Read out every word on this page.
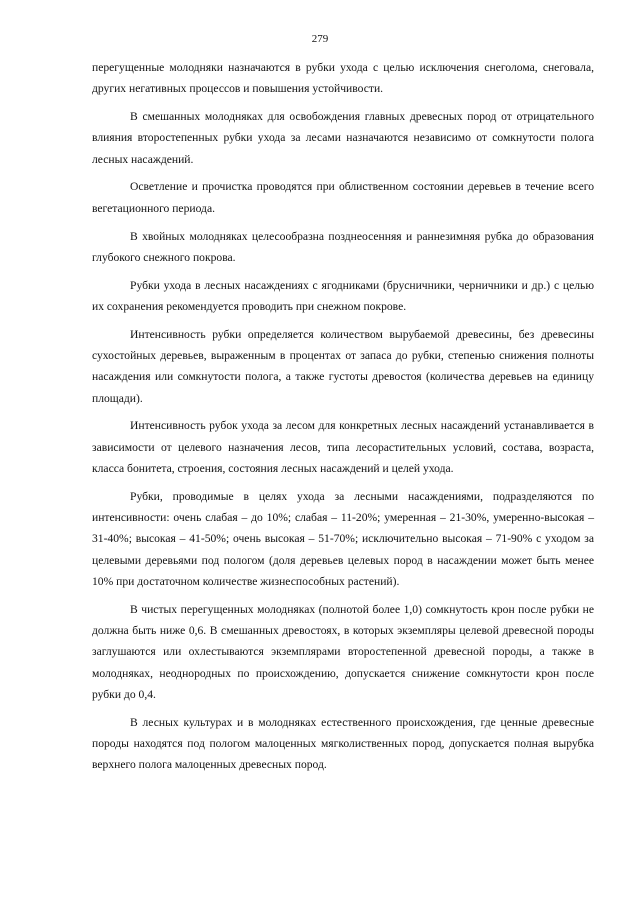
279

перегущенные молодняки назначаются в рубки ухода с целью исключения снеголома, снеговала, других негативных процессов и повышения устойчивости.

В смешанных молодняках для освобождения главных древесных пород от отрицательного влияния второстепенных рубки ухода за лесами назначаются независимо от сомкнутости полога лесных насаждений.

Осветление и прочистка проводятся при облиственном состоянии деревьев в течение всего вегетационного периода.

В хвойных молодняках целесообразна позднеосенняя и раннезимняя рубка до образования глубокого снежного покрова.

Рубки ухода в лесных насаждениях с ягодниками (брусничники, черничники и др.) с целью их сохранения рекомендуется проводить при снежном покрове.

Интенсивность рубки определяется количеством вырубаемой древесины, без древесины сухостойных деревьев, выраженным в процентах от запаса до рубки, степенью снижения полноты насаждения или сомкнутости полога, а также густоты древостоя (количества деревьев на единицу площади).

Интенсивность рубок ухода за лесом для конкретных лесных насаждений устанавливается в зависимости от целевого назначения лесов, типа лесорастительных условий, состава, возраста, класса бонитета, строения, состояния лесных насаждений и целей ухода.

Рубки, проводимые в целях ухода за лесными насаждениями, подразделяются по интенсивности: очень слабая – до 10%; слабая – 11-20%; умеренная – 21-30%, умеренно-высокая – 31-40%; высокая – 41-50%; очень высокая – 51-70%; исключительно высокая – 71-90% с уходом за целевыми деревьями под пологом (доля деревьев целевых пород в насаждении может быть менее 10% при достаточном количестве жизнеспособных растений).

В чистых перегущенных молодняках (полнотой более 1,0) сомкнутость крон после рубки не должна быть ниже 0,6. В смешанных древостоях, в которых экземпляры целевой древесной породы заглушаются или охлестываются экземплярами второстепенной древесной породы, а также в молодняках, неоднородных по происхождению, допускается снижение сомкнутости крон после рубки до 0,4.

В лесных культурах и в молодняках естественного происхождения, где ценные древесные породы находятся под пологом малоценных мягколиственных пород, допускается полная вырубка верхнего полога малоценных древесных пород.
